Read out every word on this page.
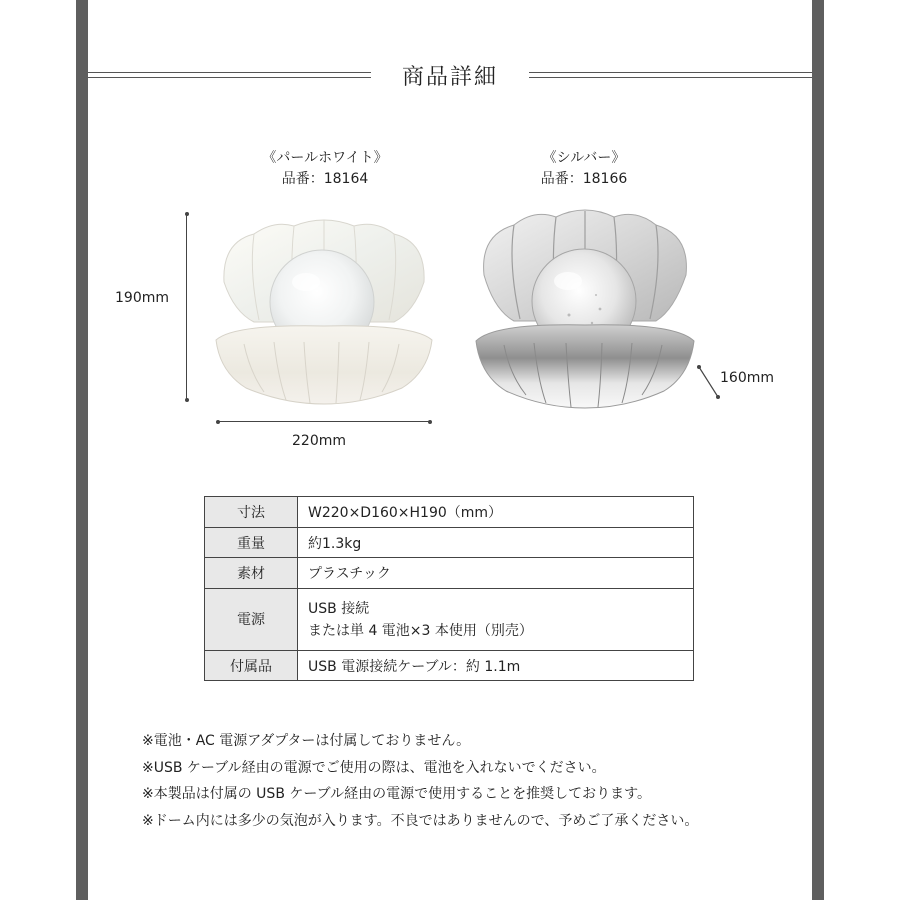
商品詳細
《パールホワイト》
品番：18164
《シルバー》
品番：18166
190mm
220mm
160mm
寸法	W220×D160×H190（mm）
重量	約1.3kg
素材	プラスチック
電源	USB 接続
または単 4 電池×3 本使用（別売）

付属品	USB 電源接続ケーブル：約 1.1m

※電池・AC 電源アダプターは付属しておりません。

※USB ケーブル経由の電源でご使用の際は、電池を入れないでください。

※本製品は付属の USB ケーブル経由の電源で使用することを推奨しております。

※ドーム内には多少の気泡が入ります。不良ではありませんので、予めご了承ください。
